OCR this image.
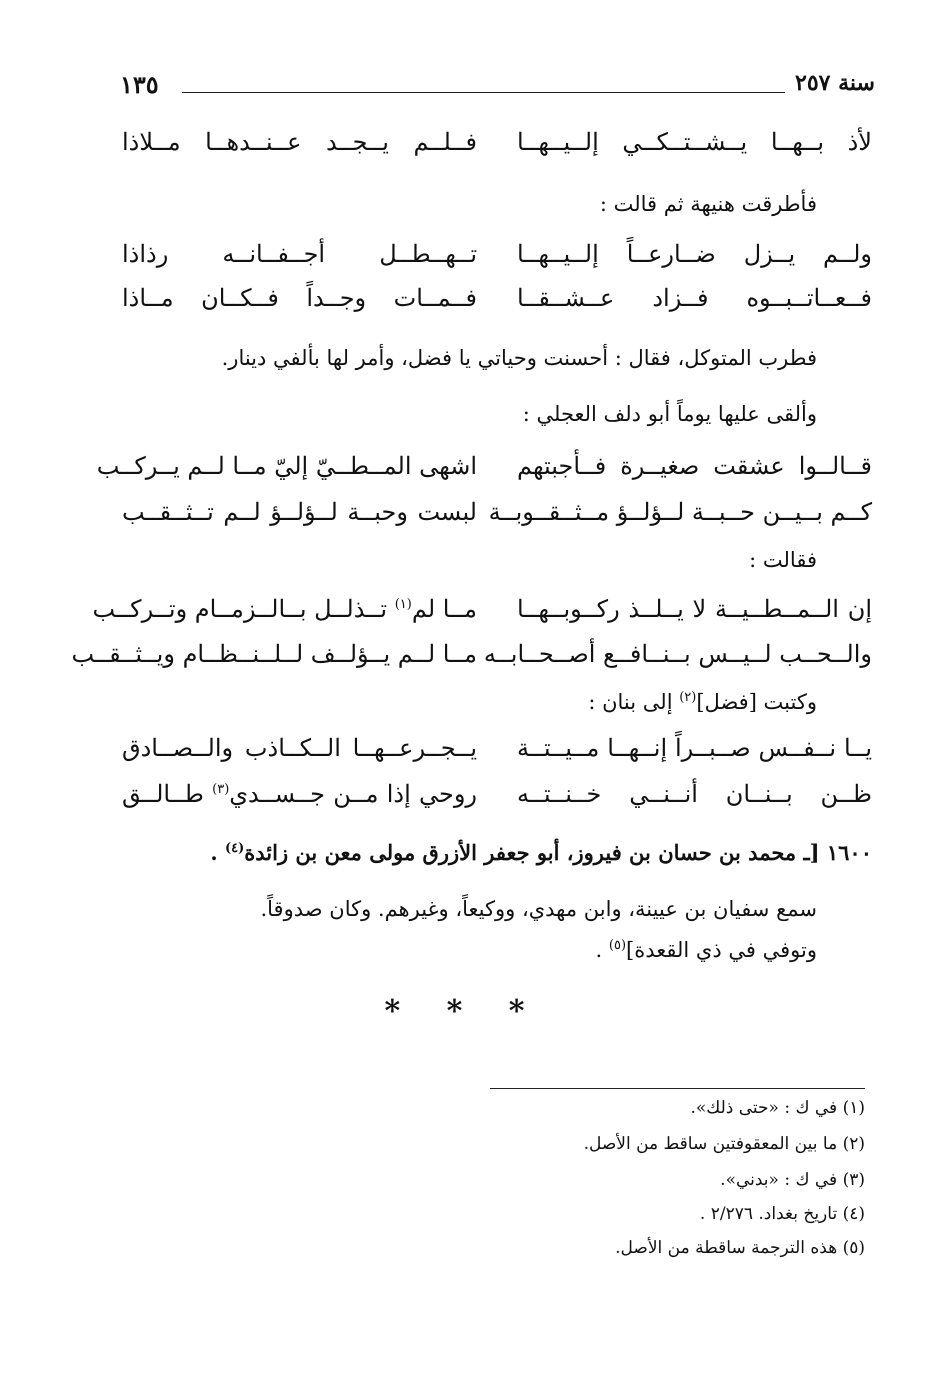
سنة ٢٥٧
١٣٥
لأذ بــهــا يــشــتــكــي إلــيــهــا
فــلــم يــجــد عــنــدهــا مــلاذا
فأطرقت هنيهة ثم قالت :
ولــم يــزل ضــارعــاً إلــيــهــا
تــهــطــل أجــفــانــه رذاذا
فــعــاتــبــوه فــزاد عــشــقــا
فــمــات وجــداً فــكــان مــاذا
فطرب المتوكل، فقال : أحسنت وحياتي يا فضل، وأمر لها بألفي دينار.
وألقى عليها يوماً أبو دلف العجلي :
قــالــوا عشقت صغيــرة فــأجبتهم
اشهى المــطــيّ إليّ مــا لــم يــركــب
كــم بــيــن حــبــة لــؤلــؤ مــثــقــوبــة
لبست وحبــة لــؤلــؤ لــم تــثــقــب
فقالت :
إن الــمــطــيــة لا يــلــذ ركــوبــهــا
مــا لم$^{(١)}$ تــذلــل بــالــزمــام وتــركــب
والــحــب لــيــس بــنــافــع أصــحــابــه
مــا لــم يــؤلــف لــلــنــظــام ويــثــقــب
وكتبت [فضل]$^{(٢)}$ إلى بنان :
يــا نــفــس صــبــراً إنــهــا مــيــتــة
يــجــرعــهــا الــكــاذب والــصــادق
ظــن بــنــان أنــنــي خــنــتــه
روحي إذا مــن جــســدي$^{(٣)}$ طــالــق
١٦٠٠ [ـ محمد بن حسان بن فيروز، أبو جعفر الأزرق مولى معن بن زائدة$^{(٤)}$ .
سمع سفيان بن عيينة، وابن مهدي، ووكيعاً، وغيرهم. وكان صدوقاً.
وتوفي في ذي القعدة]$^{(٥)}$ .
* * *
(١) في ك : «حتى ذلك».
(٢) ما بين المعقوفتين ساقط من الأصل.
(٣) في ك : «بدني».
(٤) تاريخ بغداد. ٢/٢٧٦ .
(٥) هذه الترجمة ساقطة من الأصل.
